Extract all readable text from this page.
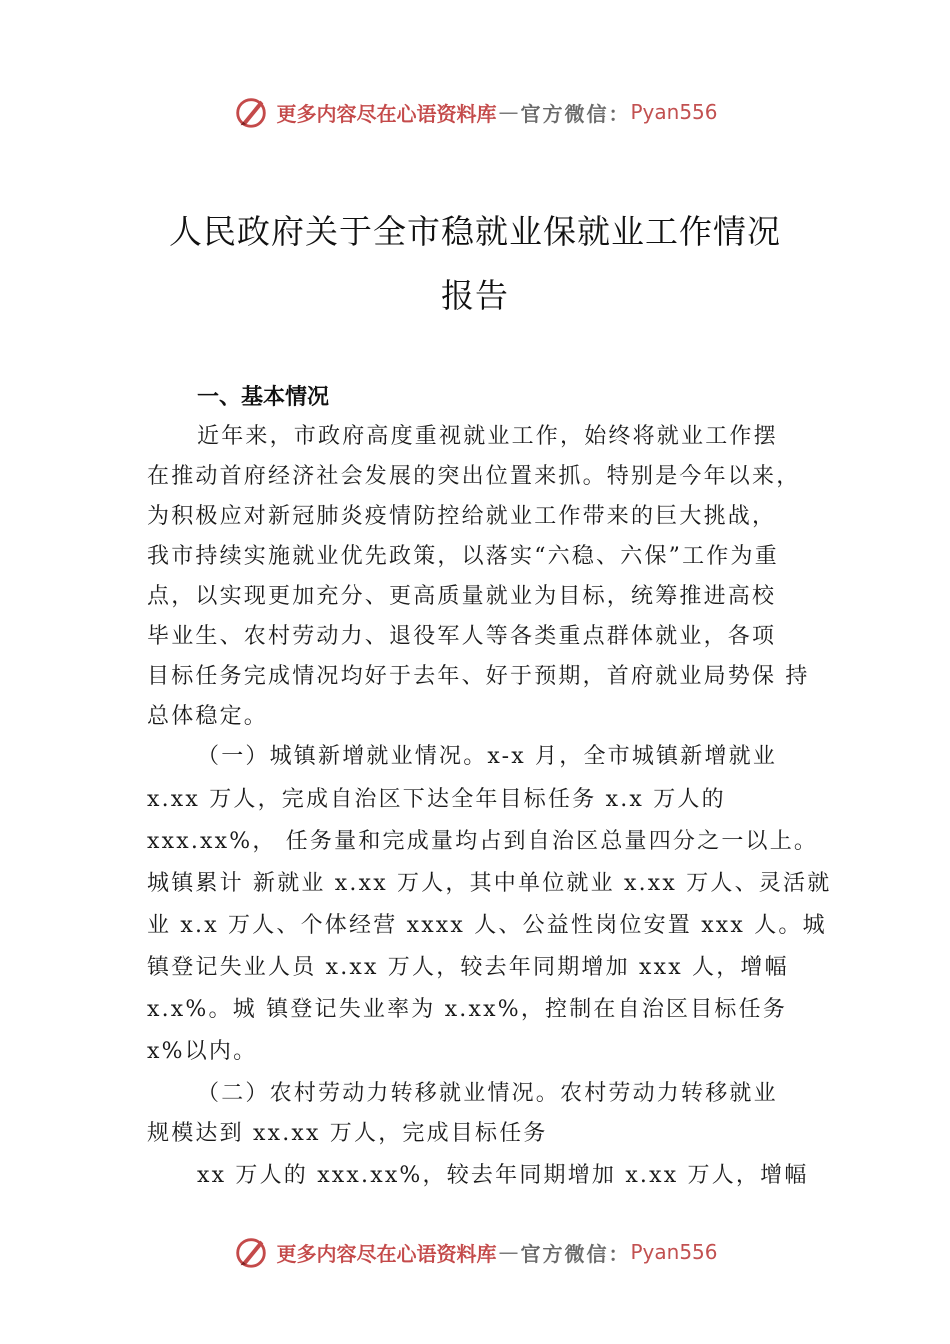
更多内容尽在心语资料库 — 官方微信： Pyan556
人民政府关于全市稳就业保就业工作情况
报告
一、基本情况
近年来，市政府高度重视就业工作，始终将就业工作摆
在推动首府经济社会发展的突出位置来抓。特别是今年以来，
为积极应对新冠肺炎疫情防控给就业工作带来的巨大挑战，
我市持续实施就业优先政策，以落实“六稳、六保”工作为重
点，以实现更加充分、更高质量就业为目标，统筹推进高校
毕业生、农村劳动力、退役军人等各类重点群体就业，各项
目标任务完成情况均好于去年、好于预期，首府就业局势保 持
总体稳定。
（一）城镇新增就业情况。x-x 月，全市城镇新增就业
x.xx 万人，完成自治区下达全年目标任务 x.x 万人的
xxx.xx%， 任务量和完成量均占到自治区总量四分之一以上。
城镇累计 新就业 x.xx 万人，其中单位就业 x.xx 万人、灵活就
业 x.x 万人、个体经营 xxxx 人、公益性岗位安置 xxx 人。城
镇登记失业人员 x.xx 万人，较去年同期增加 xxx 人，增幅
x.x%。城 镇登记失业率为 x.xx%，控制在自治区目标任务
x%以内。
（二）农村劳动力转移就业情况。农村劳动力转移就业
规模达到 xx.xx 万人，完成目标任务
xx 万人的 xxx.xx%，较去年同期增加 x.xx 万人，增幅
更多内容尽在心语资料库 — 官方微信： Pyan556
